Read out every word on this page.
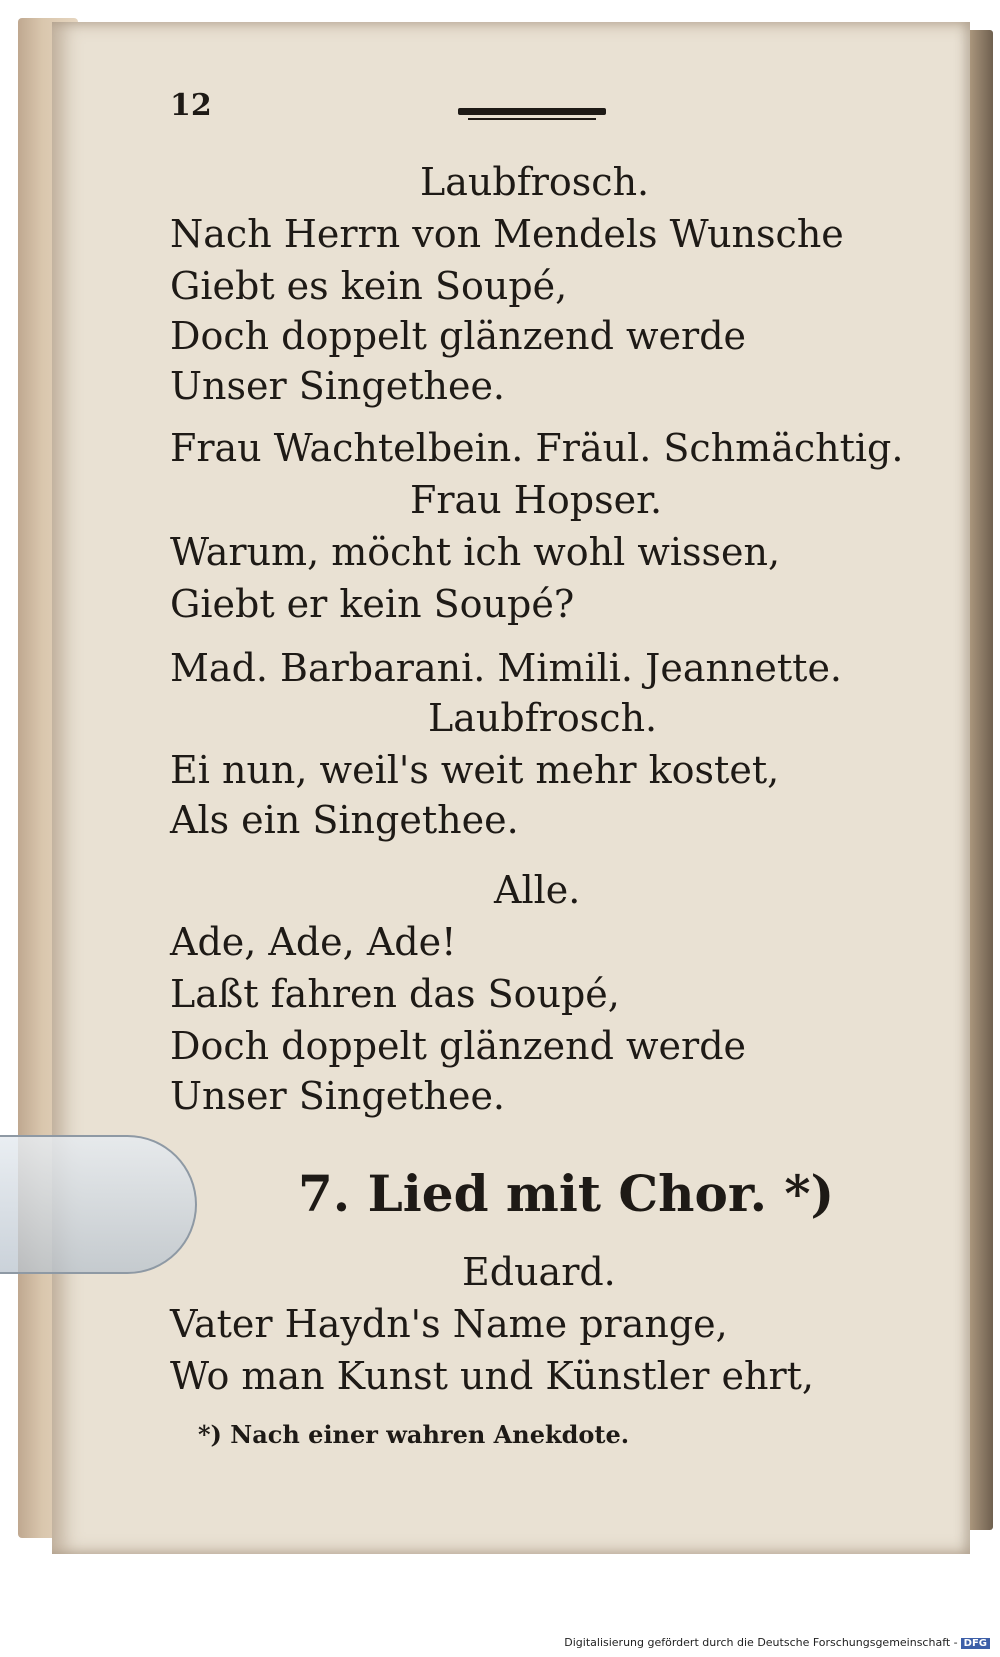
12
Laubfrosch.
Nach Herrn von Mendels Wunsche
Giebt es kein Soupé,
Doch doppelt glänzend werde
Unser Singethee.
Frau Wachtelbein. Fräul. Schmächtig.
Frau Hopser.
Warum, möcht ich wohl wissen,
Giebt er kein Soupé?
Mad. Barbarani. Mimili. Jeannette.
Laubfrosch.
Ei nun, weil's weit mehr kostet,
Als ein Singethee.
Alle.
Ade, Ade, Ade!
Laßt fahren das Soupé,
Doch doppelt glänzend werde
Unser Singethee.
7. Lied mit Chor. *)
Eduard.
Vater Haydn's Name prange,
Wo man Kunst und Künstler ehrt,
*) Nach einer wahren Anekdote.
Digitalisierung gefördert durch die Deutsche Forschungsgemeinschaft - DFG
